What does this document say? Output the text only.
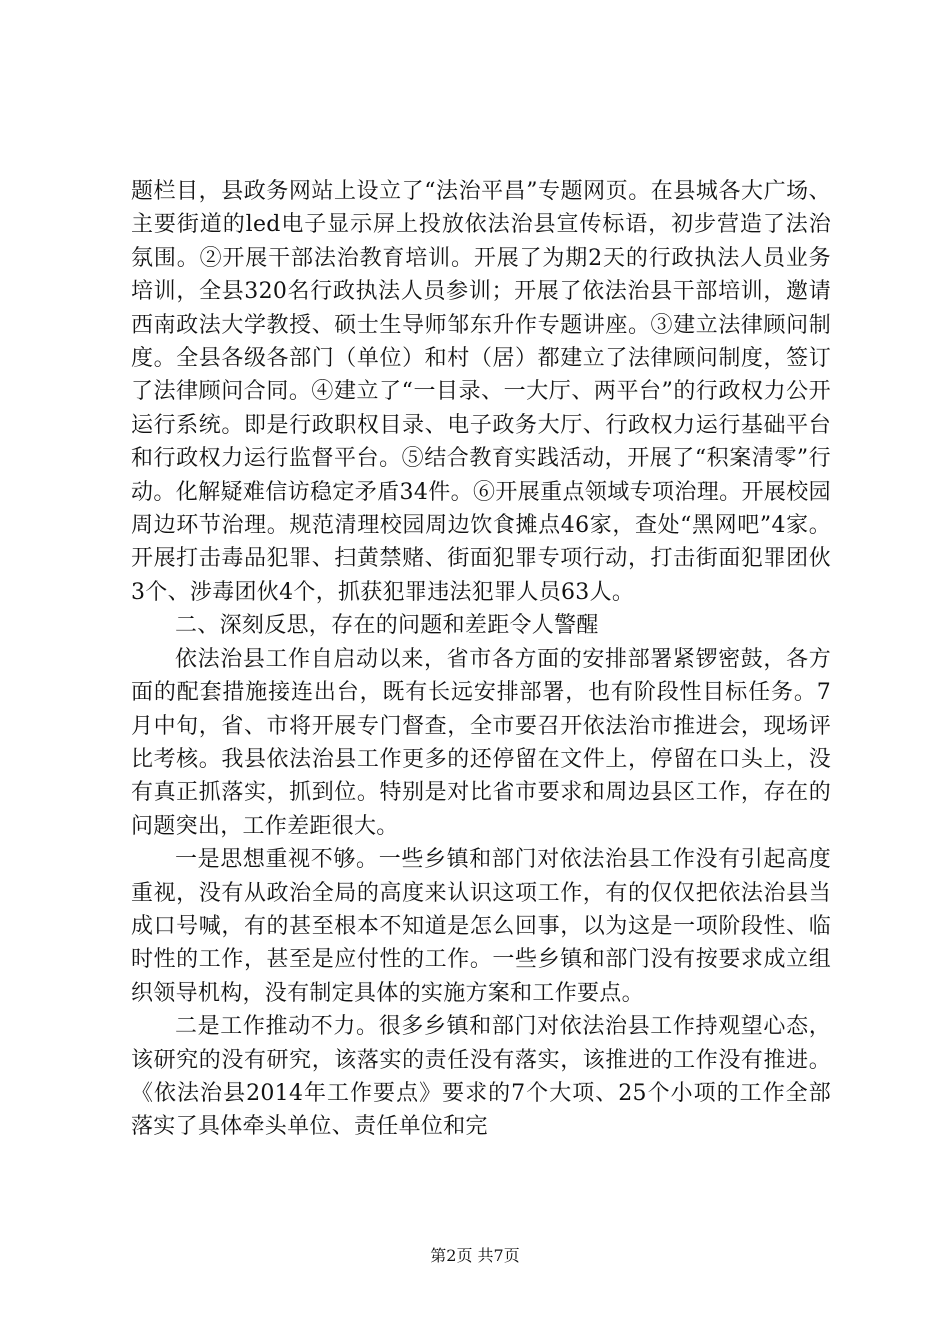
题栏目，县政务网站上设立了“法治平昌”专题网页。在县城各大广场、主要街道的led电子显示屏上投放依法治县宣传标语，初步营造了法治氛围。②开展干部法治教育培训。开展了为期2天的行政执法人员业务培训，全县320名行政执法人员参训；开展了依法治县干部培训，邀请西南政法大学教授、硕士生导师邹东升作专题讲座。③建立法律顾问制度。全县各级各部门（单位）和村（居）都建立了法律顾问制度，签订了法律顾问合同。④建立了“一目录、一大厅、两平台”的行政权力公开运行系统。即是行政职权目录、电子政务大厅、行政权力运行基础平台和行政权力运行监督平台。⑤结合教育实践活动，开展了“积案清零”行动。化解疑难信访稳定矛盾34件。⑥开展重点领域专项治理。开展校园周边环节治理。规范清理校园周边饮食摊点46家，查处“黑网吧”4家。开展打击毒品犯罪、扫黄禁赌、街面犯罪专项行动，打击街面犯罪团伙3个、涉毒团伙4个，抓获犯罪违法犯罪人员63人。

二、深刻反思，存在的问题和差距令人警醒

依法治县工作自启动以来，省市各方面的安排部署紧锣密鼓，各方面的配套措施接连出台，既有长远安排部署，也有阶段性目标任务。7月中旬，省、市将开展专门督查，全市要召开依法治市推进会，现场评比考核。我县依法治县工作更多的还停留在文件上，停留在口头上，没有真正抓落实，抓到位。特别是对比省市要求和周边县区工作，存在的问题突出，工作差距很大。

一是思想重视不够。一些乡镇和部门对依法治县工作没有引起高度重视，没有从政治全局的高度来认识这项工作，有的仅仅把依法治县当成口号喊，有的甚至根本不知道是怎么回事，以为这是一项阶段性、临时性的工作，甚至是应付性的工作。一些乡镇和部门没有按要求成立组织领导机构，没有制定具体的实施方案和工作要点。

二是工作推动不力。很多乡镇和部门对依法治县工作持观望心态，该研究的没有研究，该落实的责任没有落实，该推进的工作没有推进。《依法治县2014年工作要点》要求的7个大项、25个小项的工作全部落实了具体牵头单位、责任单位和完

第2页 共7页
